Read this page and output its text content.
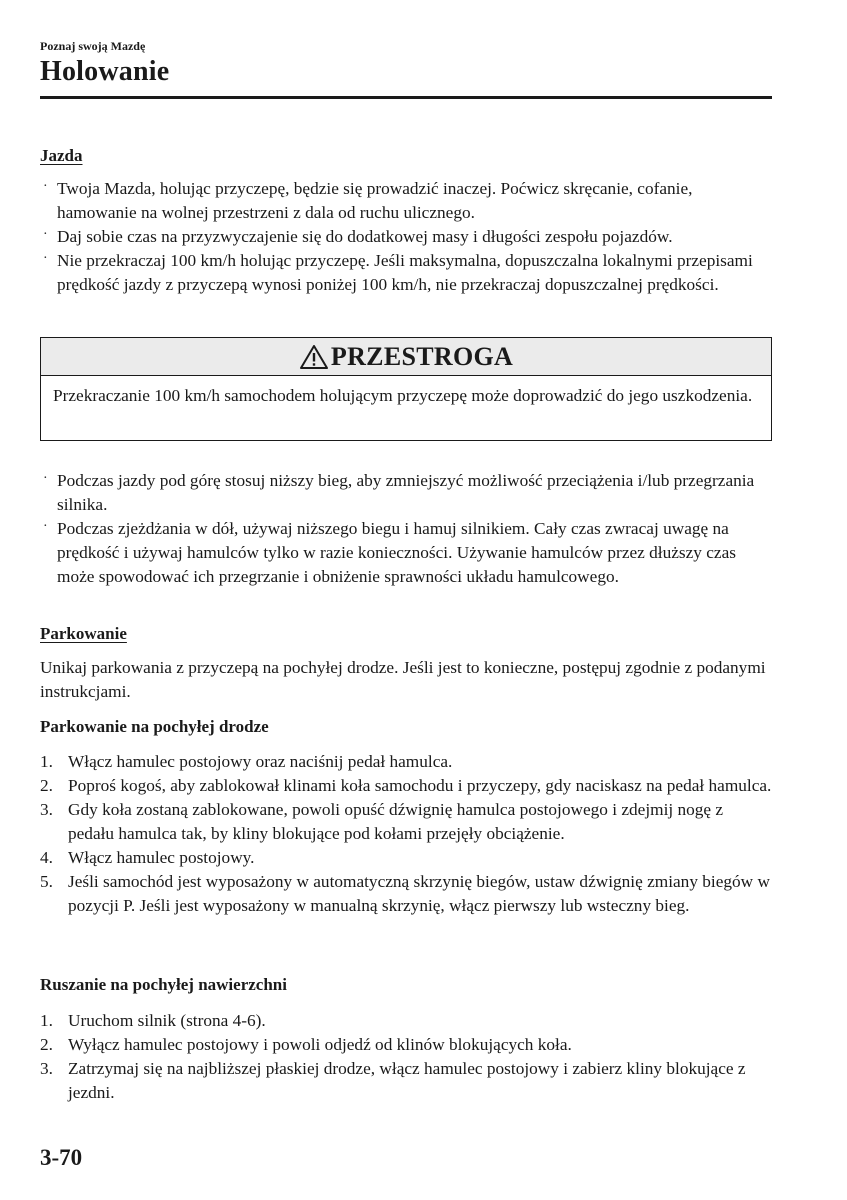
Poznaj swoją Mazdę
Holowanie
Jazda
· Twoja Mazda, holując przyczepę, będzie się prowadzić inaczej. Poćwicz skręcanie, cofanie, hamowanie na wolnej przestrzeni z dala od ruchu ulicznego.
· Daj sobie czas na przyzwyczajenie się do dodatkowej masy i długości zespołu pojazdów.
· Nie przekraczaj 100 km/h holując przyczepę. Jeśli maksymalna, dopuszczalna lokalnymi przepisami prędkość jazdy z przyczepą wynosi poniżej 100 km/h, nie przekraczaj dopuszczalnej prędkości.
PRZESTROGA
Przekraczanie 100 km/h samochodem holującym przyczepę może doprowadzić do jego uszkodzenia.
· Podczas jazdy pod górę stosuj niższy bieg, aby zmniejszyć możliwość przeciążenia i/lub przegrzania silnika.
· Podczas zjeżdżania w dół, używaj niższego biegu i hamuj silnikiem. Cały czas zwracaj uwagę na prędkość i używaj hamulców tylko w razie konieczności. Używanie hamulców przez dłuższy czas może spowodować ich przegrzanie i obniżenie sprawności układu hamulcowego.
Parkowanie
Unikaj parkowania z przyczepą na pochyłej drodze. Jeśli jest to konieczne, postępuj zgodnie z podanymi instrukcjami.
Parkowanie na pochyłej drodze
1. Włącz hamulec postojowy oraz naciśnij pedał hamulca.
2. Poproś kogoś, aby zablokował klinami koła samochodu i przyczepy, gdy naciskasz na pedał hamulca.
3. Gdy koła zostaną zablokowane, powoli opuść dźwignię hamulca postojowego i zdejmij nogę z pedału hamulca tak, by kliny blokujące pod kołami przejęły obciążenie.
4. Włącz hamulec postojowy.
5. Jeśli samochód jest wyposażony w automatyczną skrzynię biegów, ustaw dźwignię zmiany biegów w pozycji P. Jeśli jest wyposażony w manualną skrzynię, włącz pierwszy lub wsteczny bieg.
Ruszanie na pochyłej nawierzchni
1. Uruchom silnik (strona 4-6).
2. Wyłącz hamulec postojowy i powoli odjedź od klinów blokujących koła.
3. Zatrzymaj się na najbliższej płaskiej drodze, włącz hamulec postojowy i zabierz kliny blokujące z jezdni.
3-70
